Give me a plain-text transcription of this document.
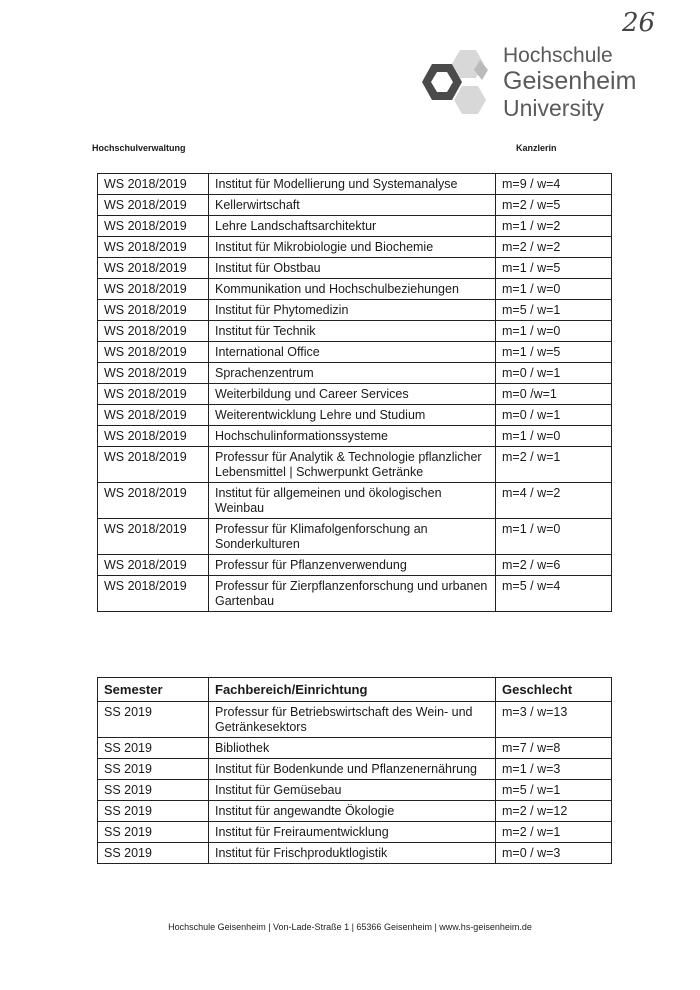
26
Hochschule
Geisenheim
University
Hochschulverwaltung	Kanzlerin
WS 2018/2019	Institut für Modellierung und Systemanalyse	m=9 / w=4
WS 2018/2019	Kellerwirtschaft	m=2 / w=5
WS 2018/2019	Lehre Landschaftsarchitektur	m=1 / w=2
WS 2018/2019	Institut für Mikrobiologie und Biochemie	m=2 / w=2
WS 2018/2019	Institut für Obstbau	m=1 / w=5
WS 2018/2019	Kommunikation und Hochschulbeziehungen	m=1 / w=0
WS 2018/2019	Institut für Phytomedizin	m=5 / w=1
WS 2018/2019	Institut für Technik	m=1 / w=0
WS 2018/2019	International Office	m=1 / w=5
WS 2018/2019	Sprachenzentrum	m=0 / w=1
WS 2018/2019	Weiterbildung und Career Services	m=0 /w=1
WS 2018/2019	Weiterentwicklung Lehre und Studium	m=0 / w=1
WS 2018/2019	Hochschulinformationssysteme	m=1 / w=0
WS 2018/2019	Professur für Analytik & Technologie pflanzlicher Lebensmittel | Schwerpunkt Getränke	m=2 / w=1
WS 2018/2019	Institut für allgemeinen und ökologischen Weinbau	m=4 / w=2
WS 2018/2019	Professur für Klimafolgenforschung an Sonderkulturen	m=1 / w=0
WS 2018/2019	Professur für Pflanzenverwendung	m=2 / w=6
WS 2018/2019	Professur für Zierpflanzenforschung und urbanen Gartenbau	m=5 / w=4
Semester	Fachbereich/Einrichtung	Geschlecht
SS 2019	Professur für Betriebswirtschaft des Wein- und Getränkesektors	m=3 / w=13
SS 2019	Bibliothek	m=7 / w=8
SS 2019	Institut für Bodenkunde und Pflanzenernährung	m=1 / w=3
SS 2019	Institut für Gemüsebau	m=5 / w=1
SS 2019	Institut für angewandte Ökologie	m=2 / w=12
SS 2019	Institut für Freiraumentwicklung	m=2 / w=1
SS 2019	Institut für Frischproduktlogistik	m=0 / w=3
Hochschule Geisenheim | Von-Lade-Straße 1 | 65366 Geisenheim | www.hs-geisenheim.de
